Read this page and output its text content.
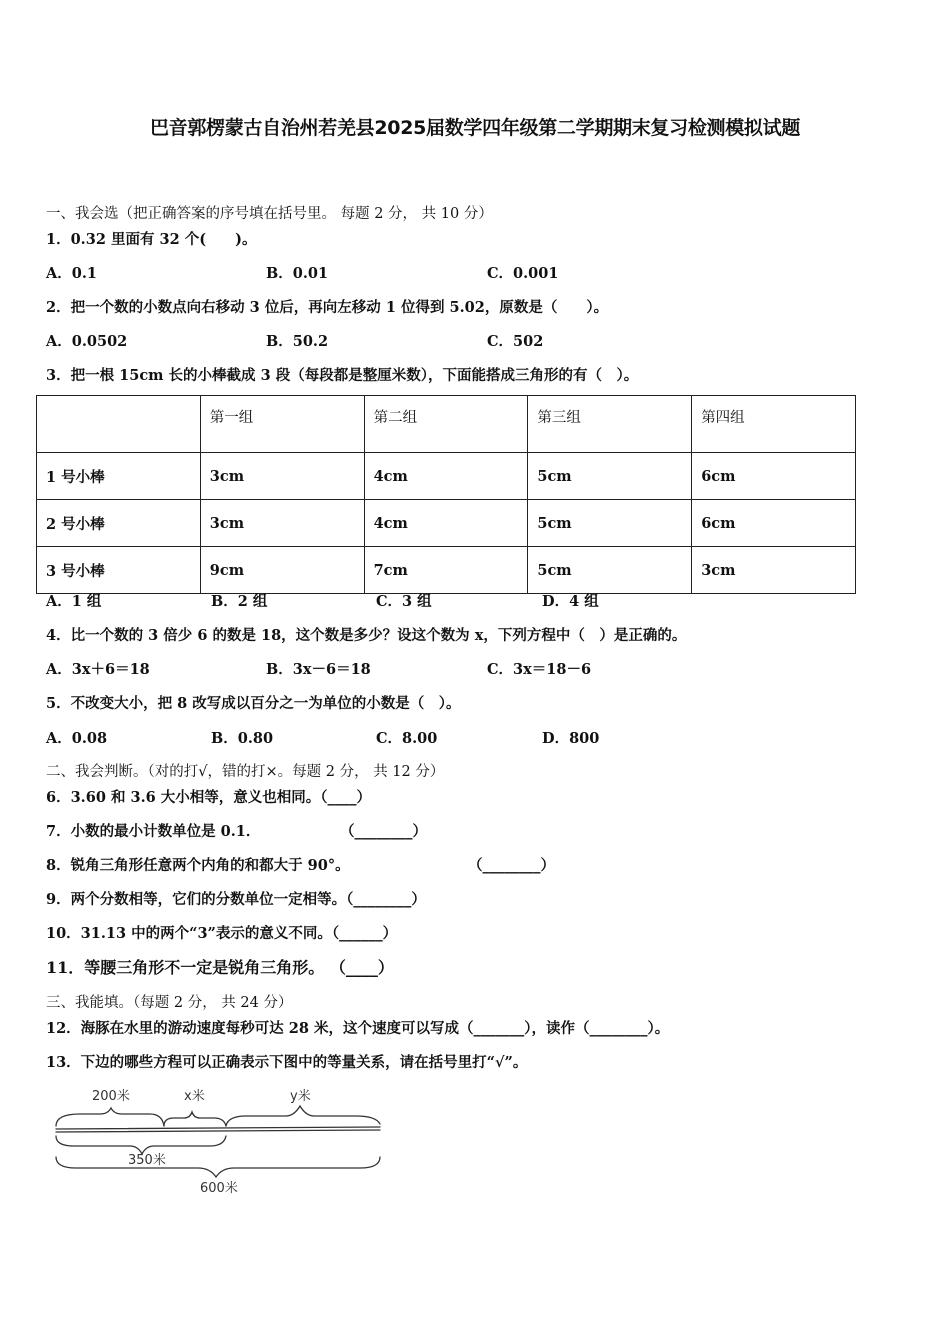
巴音郭楞蒙古自治州若羌县2025届数学四年级第二学期期末复习检测模拟试题
一、我会选（把正确答案的序号填在括号里。 每题 2 分， 共 10 分）
1．0.32 里面有 32 个(　　)。
A．0.1	B．0.01	C．0.001
2．把一个数的小数点向右移动 3 位后，再向左移动 1 位得到 5.02，原数是（　　）。
A．0.0502	B．50.2	C．502
3．把一根 15cm 长的小棒截成 3 段（每段都是整厘米数），下面能搭成三角形的有（　）。
	第一组	第二组	第三组	第四组
1 号小棒	3cm	4cm	5cm	6cm
2 号小棒	3cm	4cm	5cm	6cm
3 号小棒	9cm	7cm	5cm	3cm
A．1 组	B．2 组	C．3 组	D．4 组
4．比一个数的 3 倍少 6 的数是 18，这个数是多少？设这个数为 x，下列方程中（　）是正确的。
A．3x＋6＝18	B．3x－6＝18	C．3x＝18－6
5．不改变大小，把 8 改写成以百分之一为单位的小数是（　）。
A．0.08	B．0.80	C．8.00	D．800
二、我会判断。（对的打√，错的打×。每题 2 分， 共 12 分）
6．3.60 和 3.6 大小相等，意义也相同。（____）
7．小数的最小计数单位是 0.1．	（________）
8．锐角三角形任意两个内角的和都大于 90°。	（________）
9．两个分数相等，它们的分数单位一定相等。（________）
10．31.13 中的两个“3”表示的意义不同。（______）
11．等腰三角形不一定是锐角三角形。 （____）
三、我能填。（每题 2 分， 共 24 分）
12．海豚在水里的游动速度每秒可达 28 米，这个速度可以写成（_______），读作（________）。
13．下边的哪些方程可以正确表示下图中的等量关系，请在括号里打“√”。
200米	x米	y米
350米
600米
